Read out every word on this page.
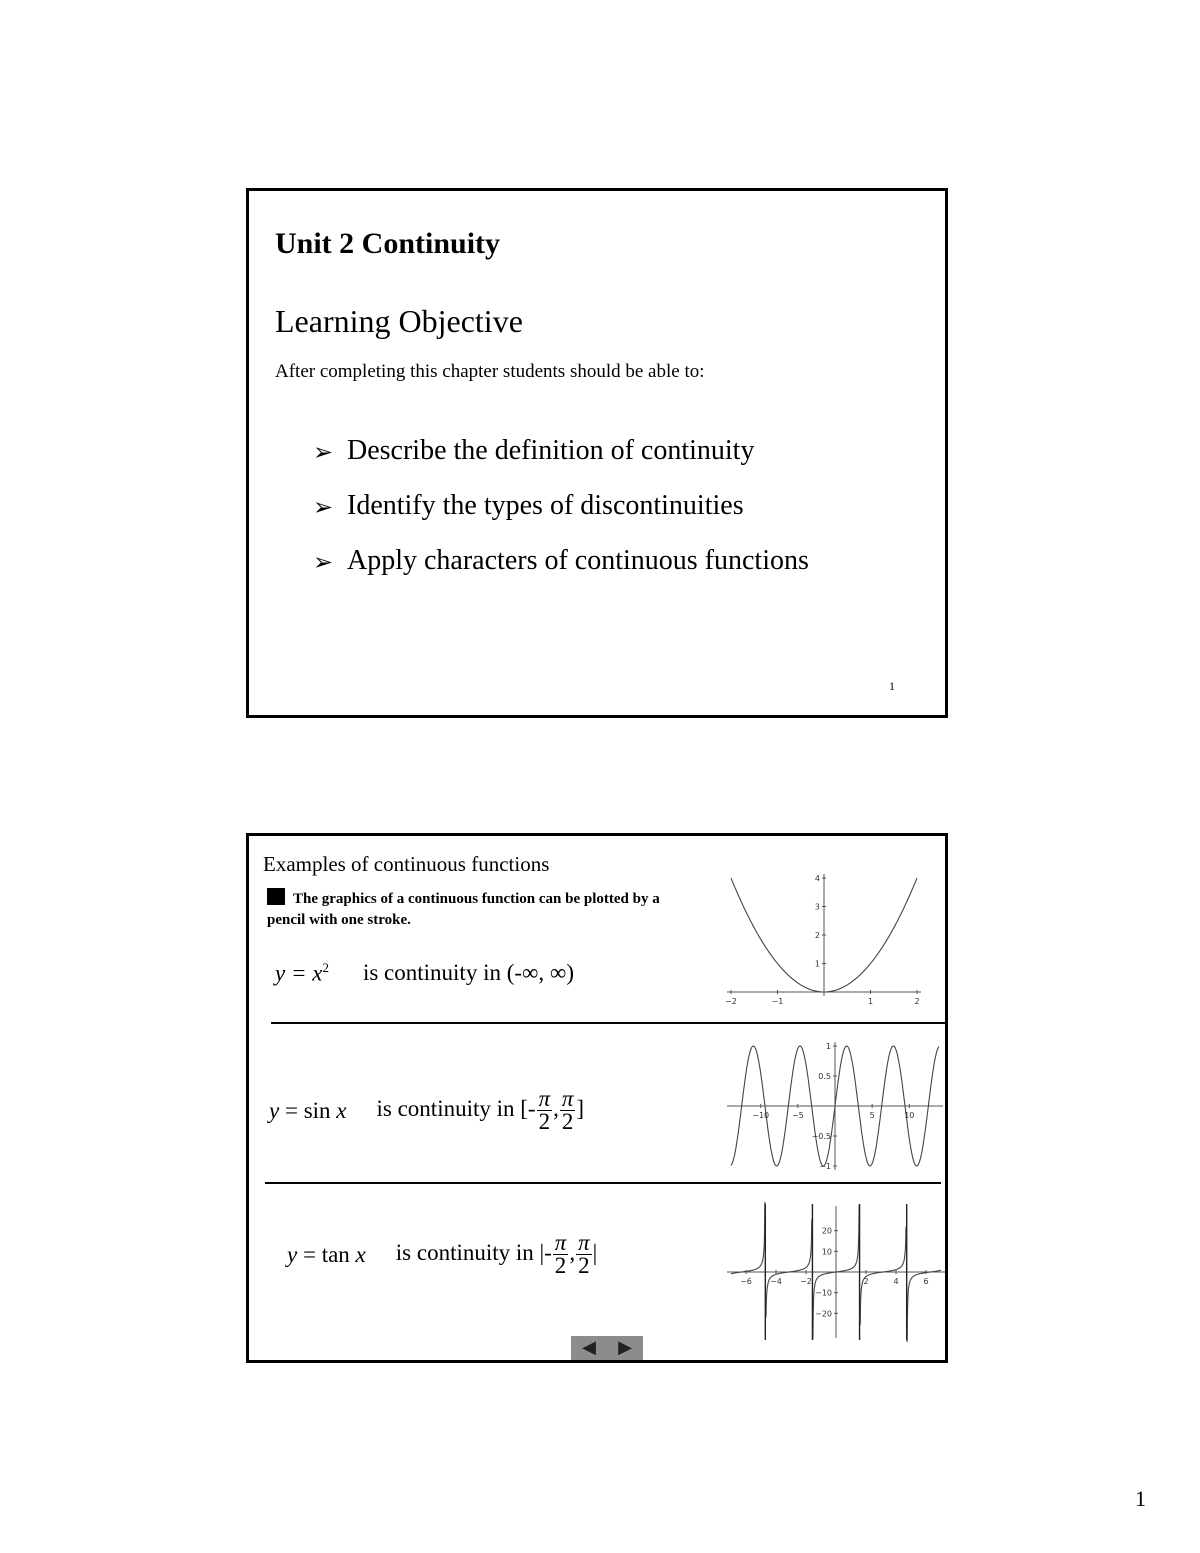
Unit 2 Continuity
Learning Objective
After completing this chapter students should be able to:
➢ Describe the definition of continuity
➢ Identify the types of discontinuities
➢ Apply characters of continuous functions
1
Examples of continuous functions
The graphics of a continuous function can be plotted by a pencil with one stroke.
$y = x^2$ is continuity in (-∞, ∞)
y = sin x is continuity in [- $\frac{\pi}{2}$ , $\frac{\pi}{2}$ ]
y = tan x is continuity in |- $\frac{\pi}{2}$ , $\frac{\pi}{2}$ |
−2	−1	1	2
1
2
3
4
−10	−5	5	10
1
0.5
−0.5
−1
−6 −4 −2	2	4	6
20
10
−10
−20
◀ ▶
1
